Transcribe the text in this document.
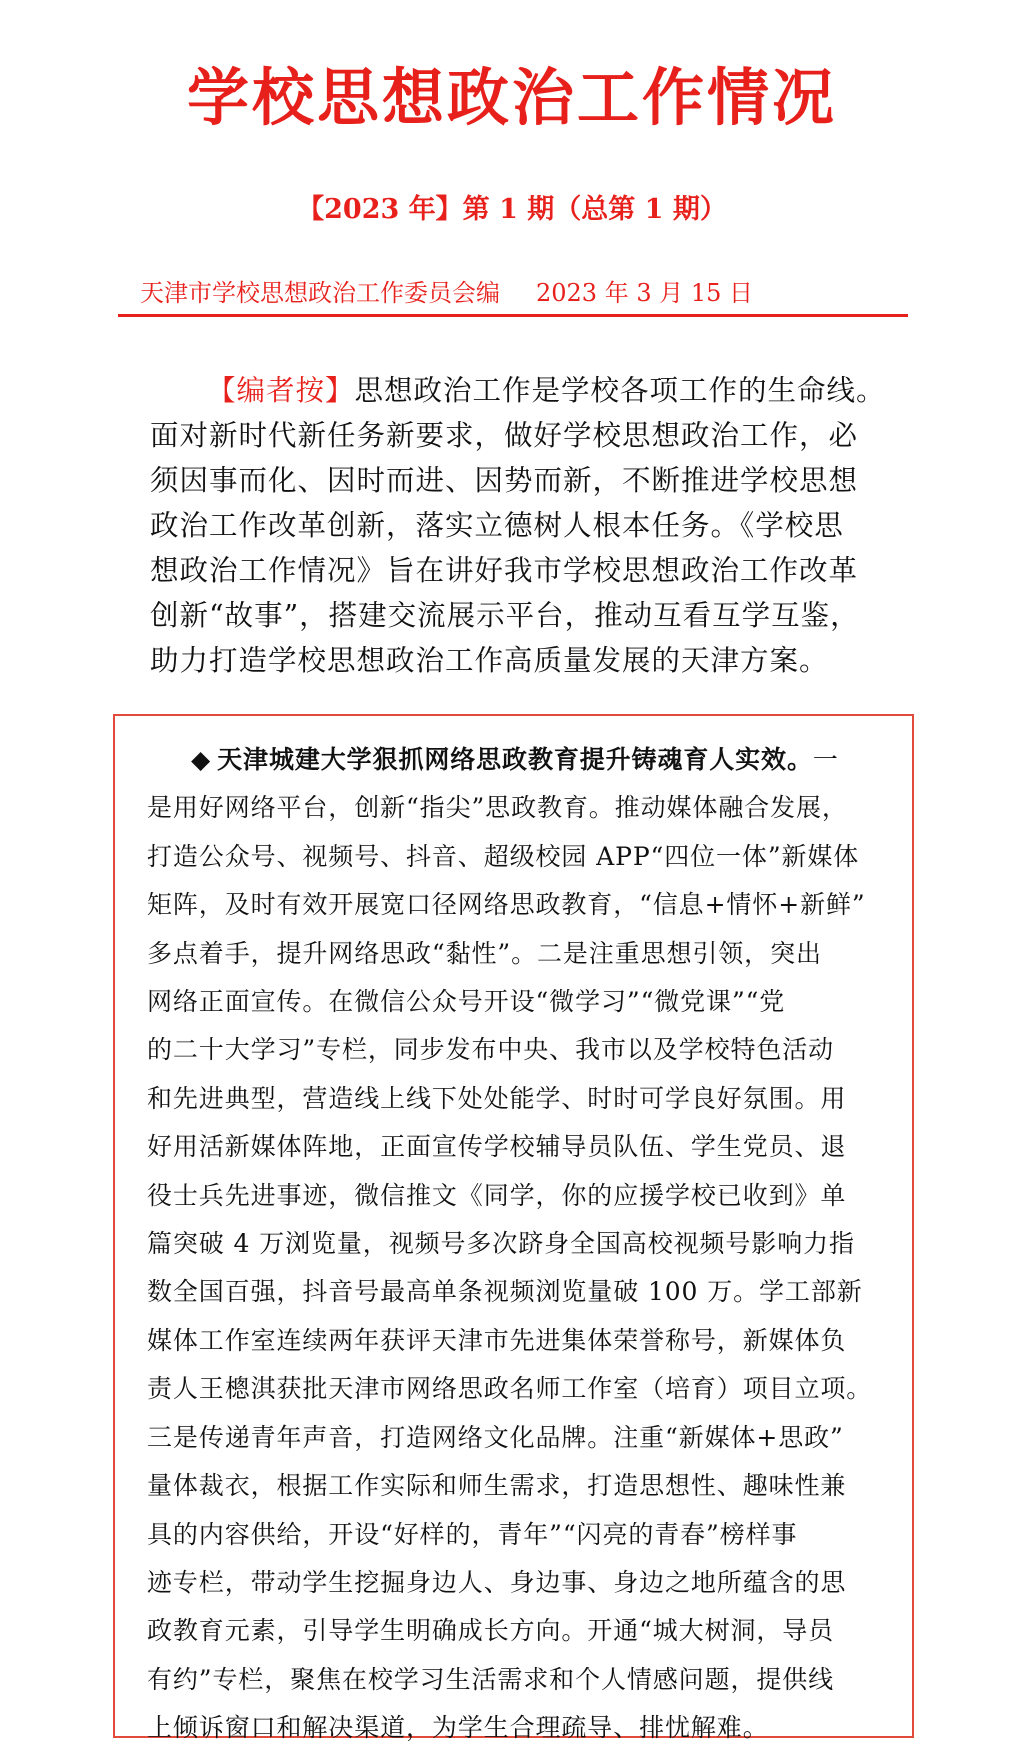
学校思想政治工作情况
【2023 年】第 1 期（总第 1 期）
天津市学校思想政治工作委员会编 2023 年 3 月 15 日
【编者按】思想政治工作是学校各项工作的生命线。
面对新时代新任务新要求，做好学校思想政治工作，必
须因事而化、因时而进、因势而新，不断推进学校思想
政治工作改革创新，落实立德树人根本任务。《学校思
想政治工作情况》旨在讲好我市学校思想政治工作改革
创新“故事”，搭建交流展示平台，推动互看互学互鉴，
助力打造学校思想政治工作高质量发展的天津方案。
◆ 天津城建大学狠抓网络思政教育提升铸魂育人实效。一
是用好网络平台，创新“指尖”思政教育。推动媒体融合发展，
打造公众号、视频号、抖音、超级校园 APP“四位一体”新媒体
矩阵，及时有效开展宽口径网络思政教育，“信息+情怀+新鲜”
多点着手，提升网络思政“黏性”。二是注重思想引领，突出
网络正面宣传。在微信公众号开设“微学习”“微党课”“党
的二十大学习”专栏，同步发布中央、我市以及学校特色活动
和先进典型，营造线上线下处处能学、时时可学良好氛围。用
好用活新媒体阵地，正面宣传学校辅导员队伍、学生党员、退
役士兵先进事迹，微信推文《同学，你的应援学校已收到》单
篇突破 4 万浏览量，视频号多次跻身全国高校视频号影响力指
数全国百强，抖音号最高单条视频浏览量破 100 万。学工部新
媒体工作室连续两年获评天津市先进集体荣誉称号，新媒体负
责人王樬淇获批天津市网络思政名师工作室（培育）项目立项。
三是传递青年声音，打造网络文化品牌。注重“新媒体+思政”
量体裁衣，根据工作实际和师生需求，打造思想性、趣味性兼
具的内容供给，开设“好样的，青年”“闪亮的青春”榜样事
迹专栏，带动学生挖掘身边人、身边事、身边之地所蕴含的思
政教育元素，引导学生明确成长方向。开通“城大树洞，导员
有约”专栏，聚焦在校学习生活需求和个人情感问题，提供线
上倾诉窗口和解决渠道，为学生合理疏导、排忧解难。
